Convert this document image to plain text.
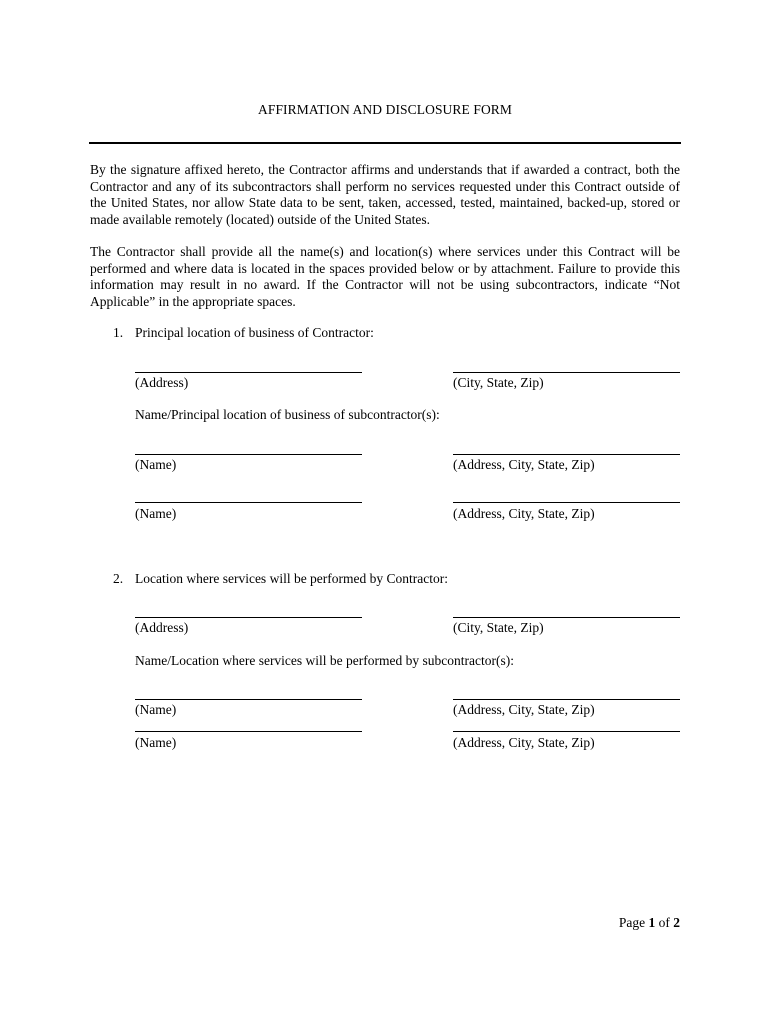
AFFIRMATION AND DISCLOSURE FORM
By the signature affixed hereto, the Contractor affirms and understands that if awarded a contract, both the Contractor and any of its subcontractors shall perform no services requested under this Contract outside of the United States, nor allow State data to be sent, taken, accessed, tested, maintained, backed-up, stored or made available remotely (located) outside of the United States.
The Contractor shall provide all the name(s) and location(s) where services under this Contract will be performed and where data is located in the spaces provided below or by attachment. Failure to provide this information may result in no award. If the Contractor will not be using subcontractors, indicate “Not Applicable” in the appropriate spaces.
1. Principal location of business of Contractor:
(Address)	(City, State, Zip)
Name/Principal location of business of subcontractor(s):
(Name)	(Address, City, State, Zip)
(Name)	(Address, City, State, Zip)
2. Location where services will be performed by Contractor:
(Address)	(City, State, Zip)
Name/Location where services will be performed by subcontractor(s):
(Name)	(Address, City, State, Zip)
(Name)	(Address, City, State, Zip)
Page 1 of 2
